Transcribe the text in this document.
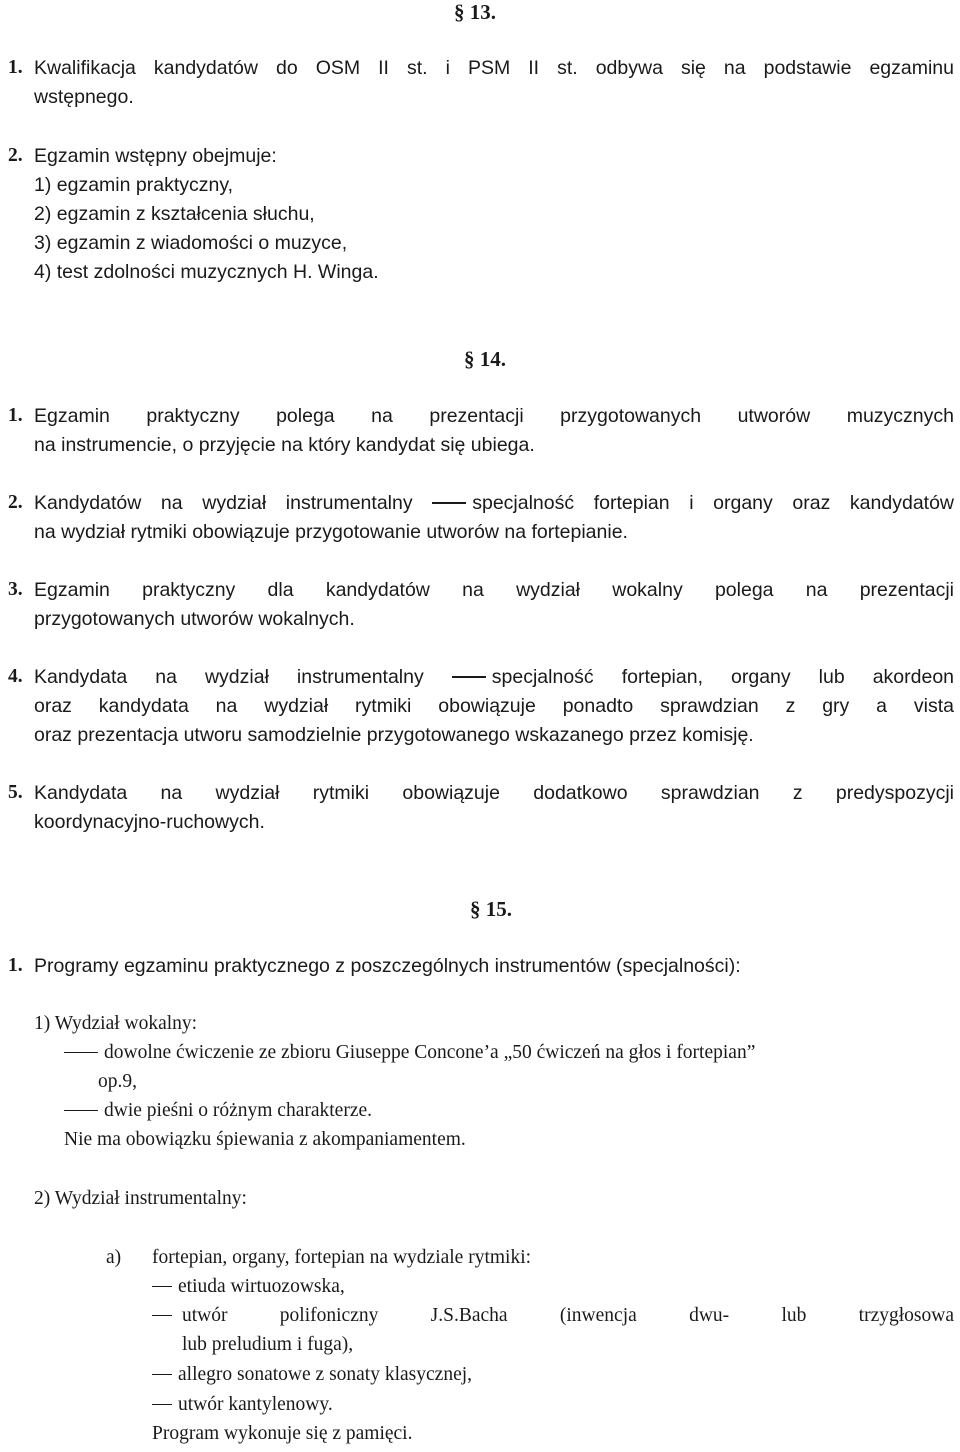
§ 13.
1. Kwalifikacja kandydatów do OSM II st. i PSM II st. odbywa się na podstawie egzaminu
wstępnego.
2. Egzamin wstępny obejmuje:
1) egzamin praktyczny,
2) egzamin z kształcenia słuchu,
3) egzamin z wiadomości o muzyce,
4) test zdolności muzycznych H. Winga.
§ 14.
1. Egzamin praktyczny polega na prezentacji przygotowanych utworów muzycznych
na instrumencie, o przyjęcie na który kandydat się ubiega.
2. Kandydatów na wydział instrumentalny	specjalność fortepian i organy oraz kandydatów
na wydział rytmiki obowiązuje przygotowanie utworów na fortepianie.
3. Egzamin praktyczny dla kandydatów na wydział wokalny polega na prezentacji
przygotowanych utworów wokalnych.
4. Kandydata na wydział instrumentalny	specjalność fortepian, organy lub akordeon
oraz kandydata na wydział rytmiki obowiązuje ponadto sprawdzian z gry a vista
oraz prezentacja utworu samodzielnie przygotowanego wskazanego przez komisję.
5. Kandydata na wydział rytmiki obowiązuje dodatkowo sprawdzian z predyspozycji
koordynacyjno-ruchowych.
§ 15.
1. Programy egzaminu praktycznego z poszczególnych instrumentów (specjalności):
1) Wydział wokalny:
dowolne ćwiczenie ze zbioru Giuseppe Concone’a „50 ćwiczeń na głos i fortepian”
op.9,
dwie pieśni o różnym charakterze.
Nie ma obowiązku śpiewania z akompaniamentem.
2) Wydział instrumentalny:
a) fortepian, organy, fortepian na wydziale rytmiki:
etiuda wirtuozowska,
utwór polifoniczny J.S.Bacha (inwencja dwu- lub trzygłosowa
lub preludium i fuga),
allegro sonatowe z sonaty klasycznej,
utwór kantylenowy.
Program wykonuje się z pamięci.
